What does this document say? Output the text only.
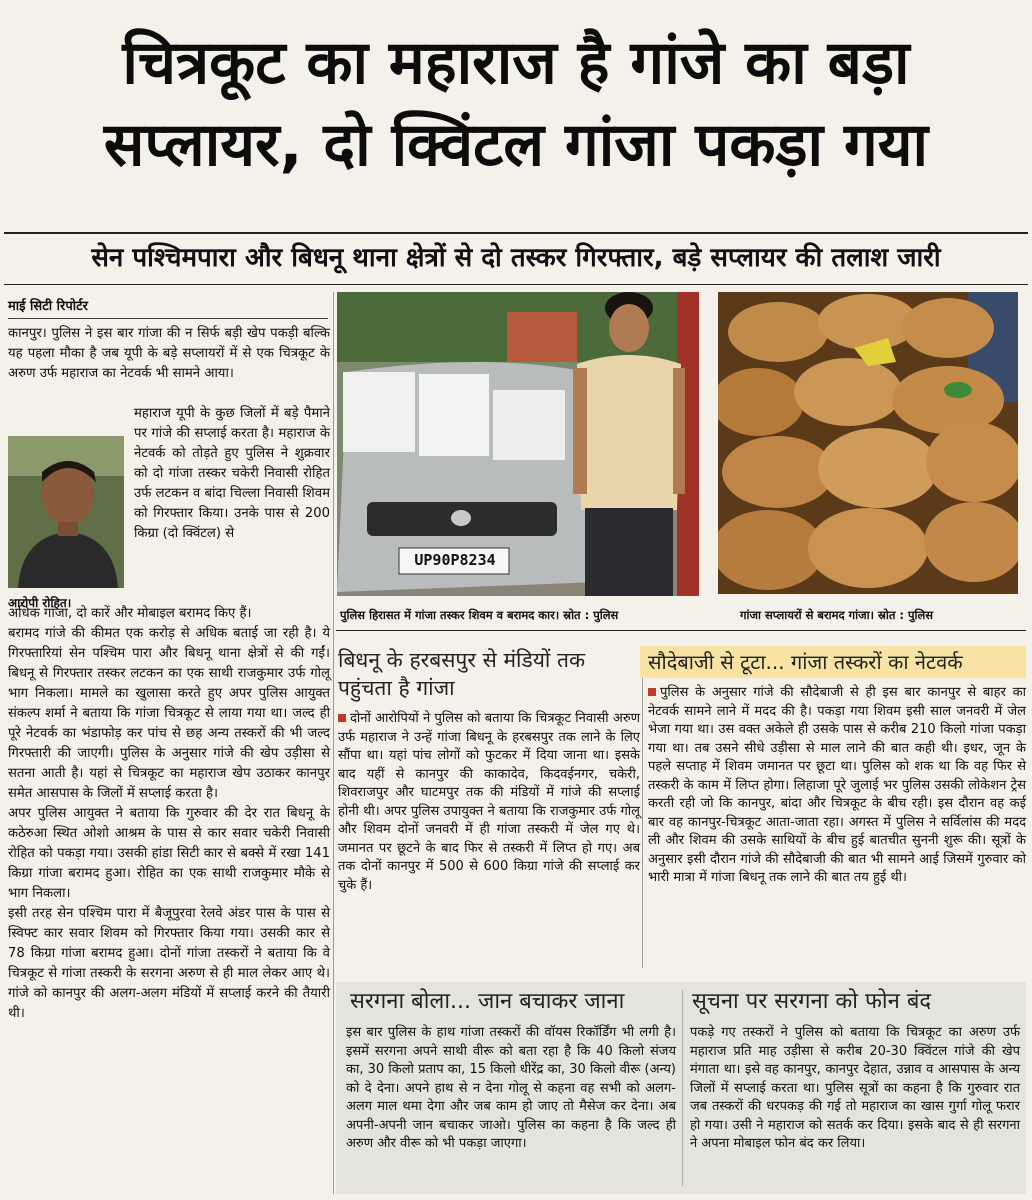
चित्रकूट का महाराज है गांजे का बड़ा
सप्लायर, दो क्विंटल गांजा पकड़ा गया
सेन पश्चिमपारा और बिधनू थाना क्षेत्रों से दो तस्कर गिरफ्तार, बड़े सप्लायर की तलाश जारी
माई सिटी रिपोर्टर
कानपुर। पुलिस ने इस बार गांजा की न सिर्फ बड़ी खेप पकड़ी बल्कि यह पहला मौका है जब यूपी के बड़े सप्लायरों में से एक चित्रकूट के अरुण उर्फ महाराज का नेटवर्क भी सामने आया।
आरोपी रोहित।
महाराज यूपी के कुछ जिलों में बड़े पैमाने पर गांजे की सप्लाई करता है। महाराज के नेटवर्क को तोड़ते हुए पुलिस ने शुक्रवार को दो गांजा तस्कर चकेरी निवासी रोहित उर्फ लटकन व बांदा चिल्ला निवासी शिवम को गिरफ्तार किया। उनके पास से 200 किग्रा (दो क्विंटल) से

अधिक गांजा, दो कारें और मोबाइल बरामद किए हैं।

बरामद गांजे की कीमत एक करोड़ से अधिक बताई जा रही है। ये गिरफ्तारियां सेन पश्चिम पारा और बिधनू थाना क्षेत्रों से की गईं। बिधनू से गिरफ्तार तस्कर लटकन का एक साथी राजकुमार उर्फ गोलू भाग निकला। मामले का खुलासा करते हुए अपर पुलिस आयुक्त संकल्प शर्मा ने बताया कि गांजा चित्रकूट से लाया गया था। जल्द ही पूरे नेटवर्क का भंडाफोड़ कर पांच से छह अन्य तस्करों की भी जल्द गिरफ्तारी की जाएगी। पुलिस के अनुसार गांजे की खेप उड़ीसा से सतना आती है। यहां से चित्रकूट का महाराज खेप उठाकर कानपुर समेत आसपास के जिलों में सप्लाई करता है।

अपर पुलिस आयुक्त ने बताया कि गुरुवार की देर रात बिधनू के कठेरुआ स्थित ओशो आश्रम के पास से कार सवार चकेरी निवासी रोहित को पकड़ा गया। उसकी हांडा सिटी कार से बक्से में रखा 141 किग्रा गांजा बरामद हुआ। रोहित का एक साथी राजकुमार मौके से भाग निकला।

इसी तरह सेन पश्चिम पारा में बैजूपुरवा रेलवे अंडर पास के पास से स्विफ्ट कार सवार शिवम को गिरफ्तार किया गया। उसकी कार से 78 किग्रा गांजा बरामद हुआ। दोनों गांजा तस्करों ने बताया कि वे चित्रकूट से गांजा तस्करी के सरगना अरुण से ही माल लेकर आए थे। गांजे को कानपुर की अलग-अलग मंडियों में सप्लाई करने की तैयारी थी।

UP90P8234
पुलिस हिरासत में गांजा तस्कर शिवम व बरामद कार। स्रोत : पुलिस	गांजा सप्लायरों से बरामद गांजा। स्रोत : पुलिस
बिधनू के हरबसपुर से मंडियों तक पहुंचता है गांजा
दोनों आरोपियों ने पुलिस को बताया कि चित्रकूट निवासी अरुण उर्फ महाराज ने उन्हें गांजा बिधनू के हरबसपुर तक लाने के लिए सौंपा था। यहां पांच लोगों को फुटकर में दिया जाना था। इसके बाद यहीं से कानपुर की काकादेव, किदवईनगर, चकेरी, शिवराजपुर और घाटमपुर तक की मंडियों में गांजे की सप्लाई होनी थी। अपर पुलिस उपायुक्त ने बताया कि राजकुमार उर्फ गोलू और शिवम दोनों जनवरी में ही गांजा तस्करी में जेल गए थे। जमानत पर छूटने के बाद फिर से तस्करी में लिप्त हो गए। अब तक दोनों कानपुर में 500 से 600 किग्रा गांजे की सप्लाई कर चुके हैं।
सौदेबाजी से टूटा... गांजा तस्करों का नेटवर्क
पुलिस के अनुसार गांजे की सौदेबाजी से ही इस बार कानपुर से बाहर का नेटवर्क सामने लाने में मदद की है। पकड़ा गया शिवम इसी साल जनवरी में जेल भेजा गया था। उस वक्त अकेले ही उसके पास से करीब 210 किलो गांजा पकड़ा गया था। तब उसने सीधे उड़ीसा से माल लाने की बात कही थी। इधर, जून के पहले सप्ताह में शिवम जमानत पर छूटा था। पुलिस को शक था कि वह फिर से तस्करी के काम में लिप्त होगा। लिहाजा पूरे जुलाई भर पुलिस उसकी लोकेशन ट्रेस करती रही जो कि कानपुर, बांदा और चित्रकूट के बीच रही। इस दौरान वह कई बार वह कानपुर-चित्रकूट आता-जाता रहा। अगस्त में पुलिस ने सर्विलांस की मदद ली और शिवम की उसके साथियों के बीच हुई बातचीत सुननी शुरू की। सूत्रों के अनुसार इसी दौरान गांजे की सौदेबाजी की बात भी सामने आई जिसमें गुरुवार को भारी मात्रा में गांजा बिधनू तक लाने की बात तय हुई थी।
सरगना बोला... जान बचाकर जाना
इस बार पुलिस के हाथ गांजा तस्करों की वॉयस रिकॉर्डिंग भी लगी है। इसमें सरगना अपने साथी वीरू को बता रहा है कि 40 किलो संजय का, 30 किलो प्रताप का, 15 किलो धीरेंद्र का, 30 किलो वीरू (अन्य) को दे देना। अपने हाथ से न देना गोलू से कहना वह सभी को अलग-अलग माल थमा देगा और जब काम हो जाए तो मैसेज कर देना। अब अपनी-अपनी जान बचाकर जाओ। पुलिस का कहना है कि जल्द ही अरुण और वीरू को भी पकड़ा जाएगा।
सूचना पर सरगना को फोन बंद
पकड़े गए तस्करों ने पुलिस को बताया कि चित्रकूट का अरुण उर्फ महाराज प्रति माह उड़ीसा से करीब 20-30 क्विंटल गांजे की खेप मंगाता था। इसे वह कानपुर, कानपुर देहात, उन्नाव व आसपास के अन्य जिलों में सप्लाई करता था। पुलिस सूत्रों का कहना है कि गुरुवार रात जब तस्करों की धरपकड़ की गई तो महाराज का खास गुर्गा गोलू फरार हो गया। उसी ने महाराज को सतर्क कर दिया। इसके बाद से ही सरगना ने अपना मोबाइल फोन बंद कर लिया।
